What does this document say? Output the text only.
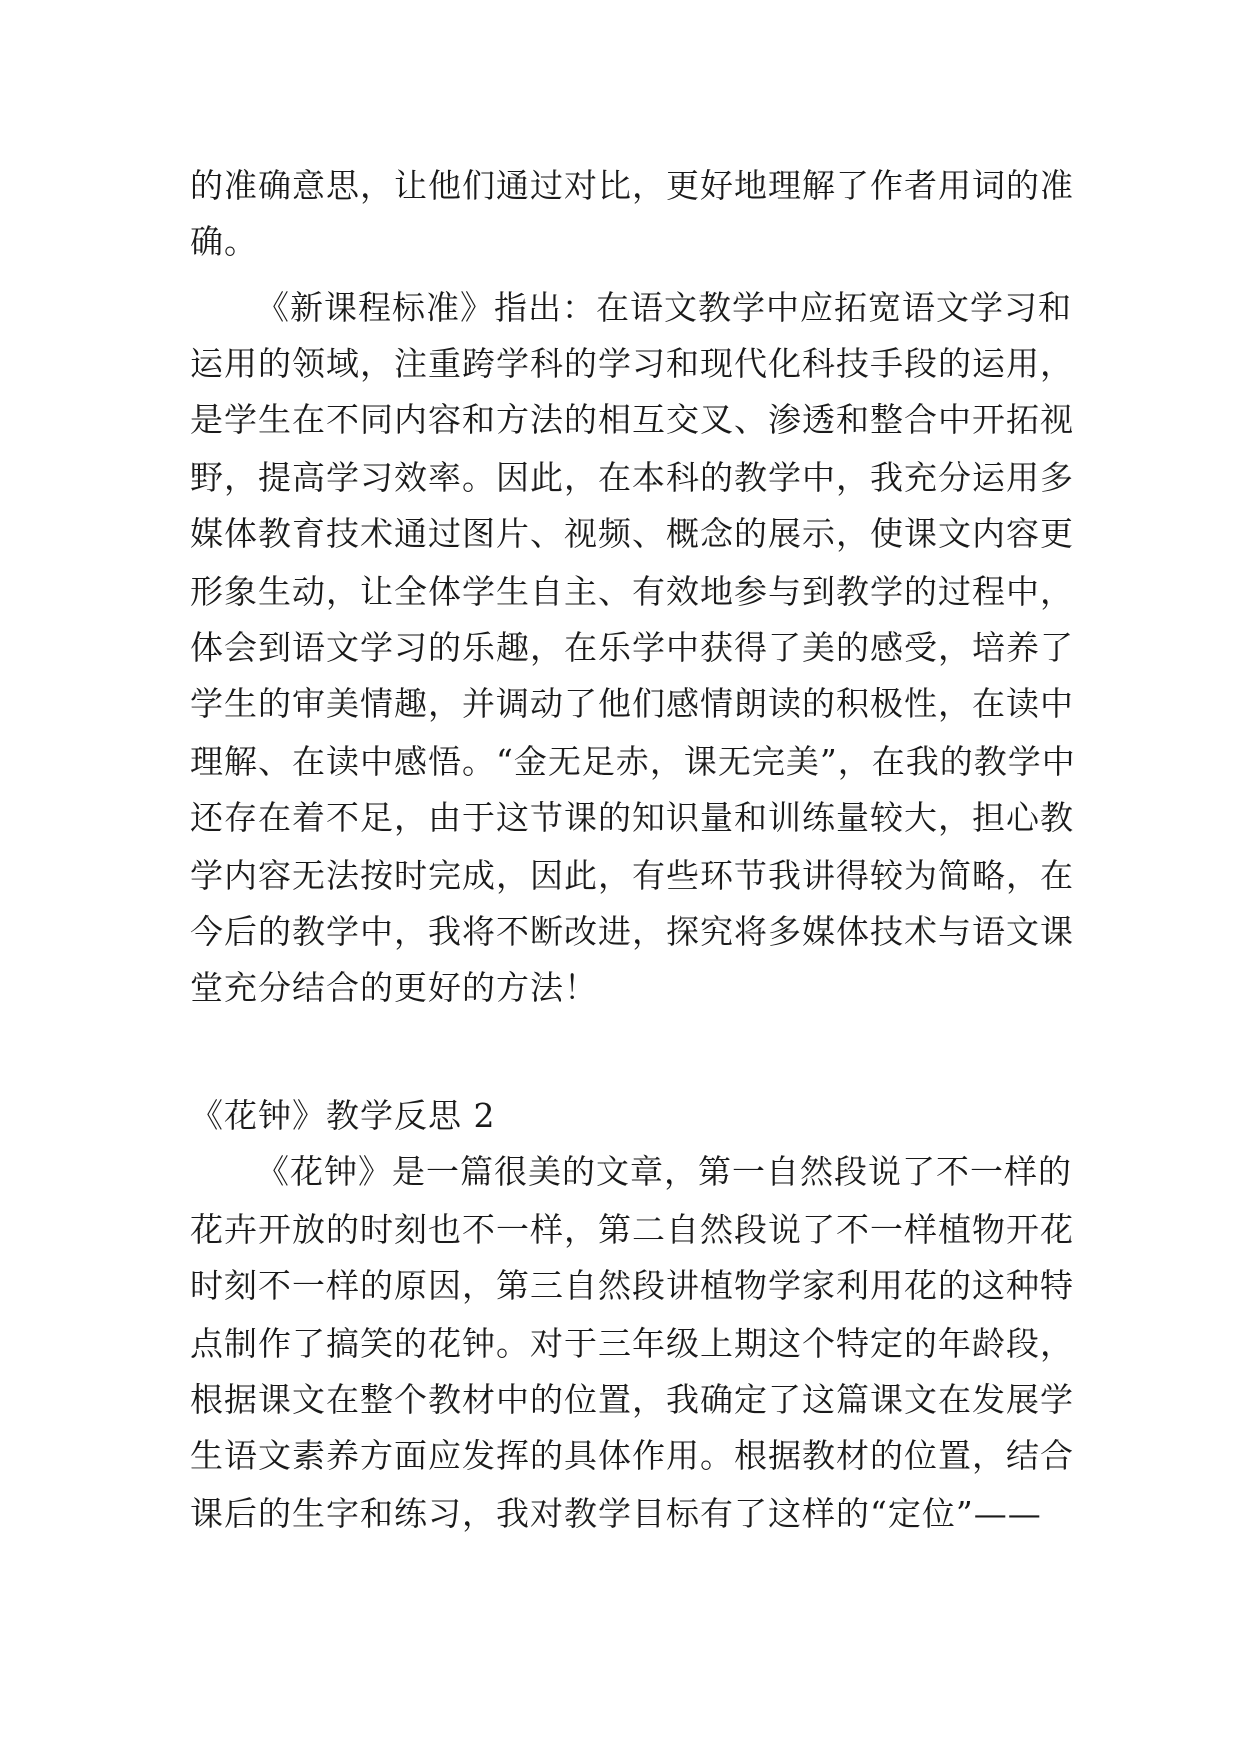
的准确意思，让他们通过对比，更好地理解了作者用词的准
确。
《新课程标准》指出：在语文教学中应拓宽语文学习和
运用的领域，注重跨学科的学习和现代化科技手段的运用，
是学生在不同内容和方法的相互交叉、渗透和整合中开拓视
野，提高学习效率。因此，在本科的教学中，我充分运用多
媒体教育技术通过图片、视频、概念的展示，使课文内容更
形象生动，让全体学生自主、有效地参与到教学的过程中，
体会到语文学习的乐趣，在乐学中获得了美的感受，培养了
学生的审美情趣，并调动了他们感情朗读的积极性，在读中
理解、在读中感悟。“金无足赤，课无完美”，在我的教学中
还存在着不足，由于这节课的知识量和训练量较大，担心教
学内容无法按时完成，因此，有些环节我讲得较为简略，在
今后的教学中，我将不断改进，探究将多媒体技术与语文课
堂充分结合的更好的方法！
《花钟》教学反思 2
《花钟》是一篇很美的文章，第一自然段说了不一样的
花卉开放的时刻也不一样，第二自然段说了不一样植物开花
时刻不一样的原因，第三自然段讲植物学家利用花的这种特
点制作了搞笑的花钟。对于三年级上期这个特定的年龄段，
根据课文在整个教材中的位置，我确定了这篇课文在发展学
生语文素养方面应发挥的具体作用。根据教材的位置，结合
课后的生字和练习，我对教学目标有了这样的“定位”——
